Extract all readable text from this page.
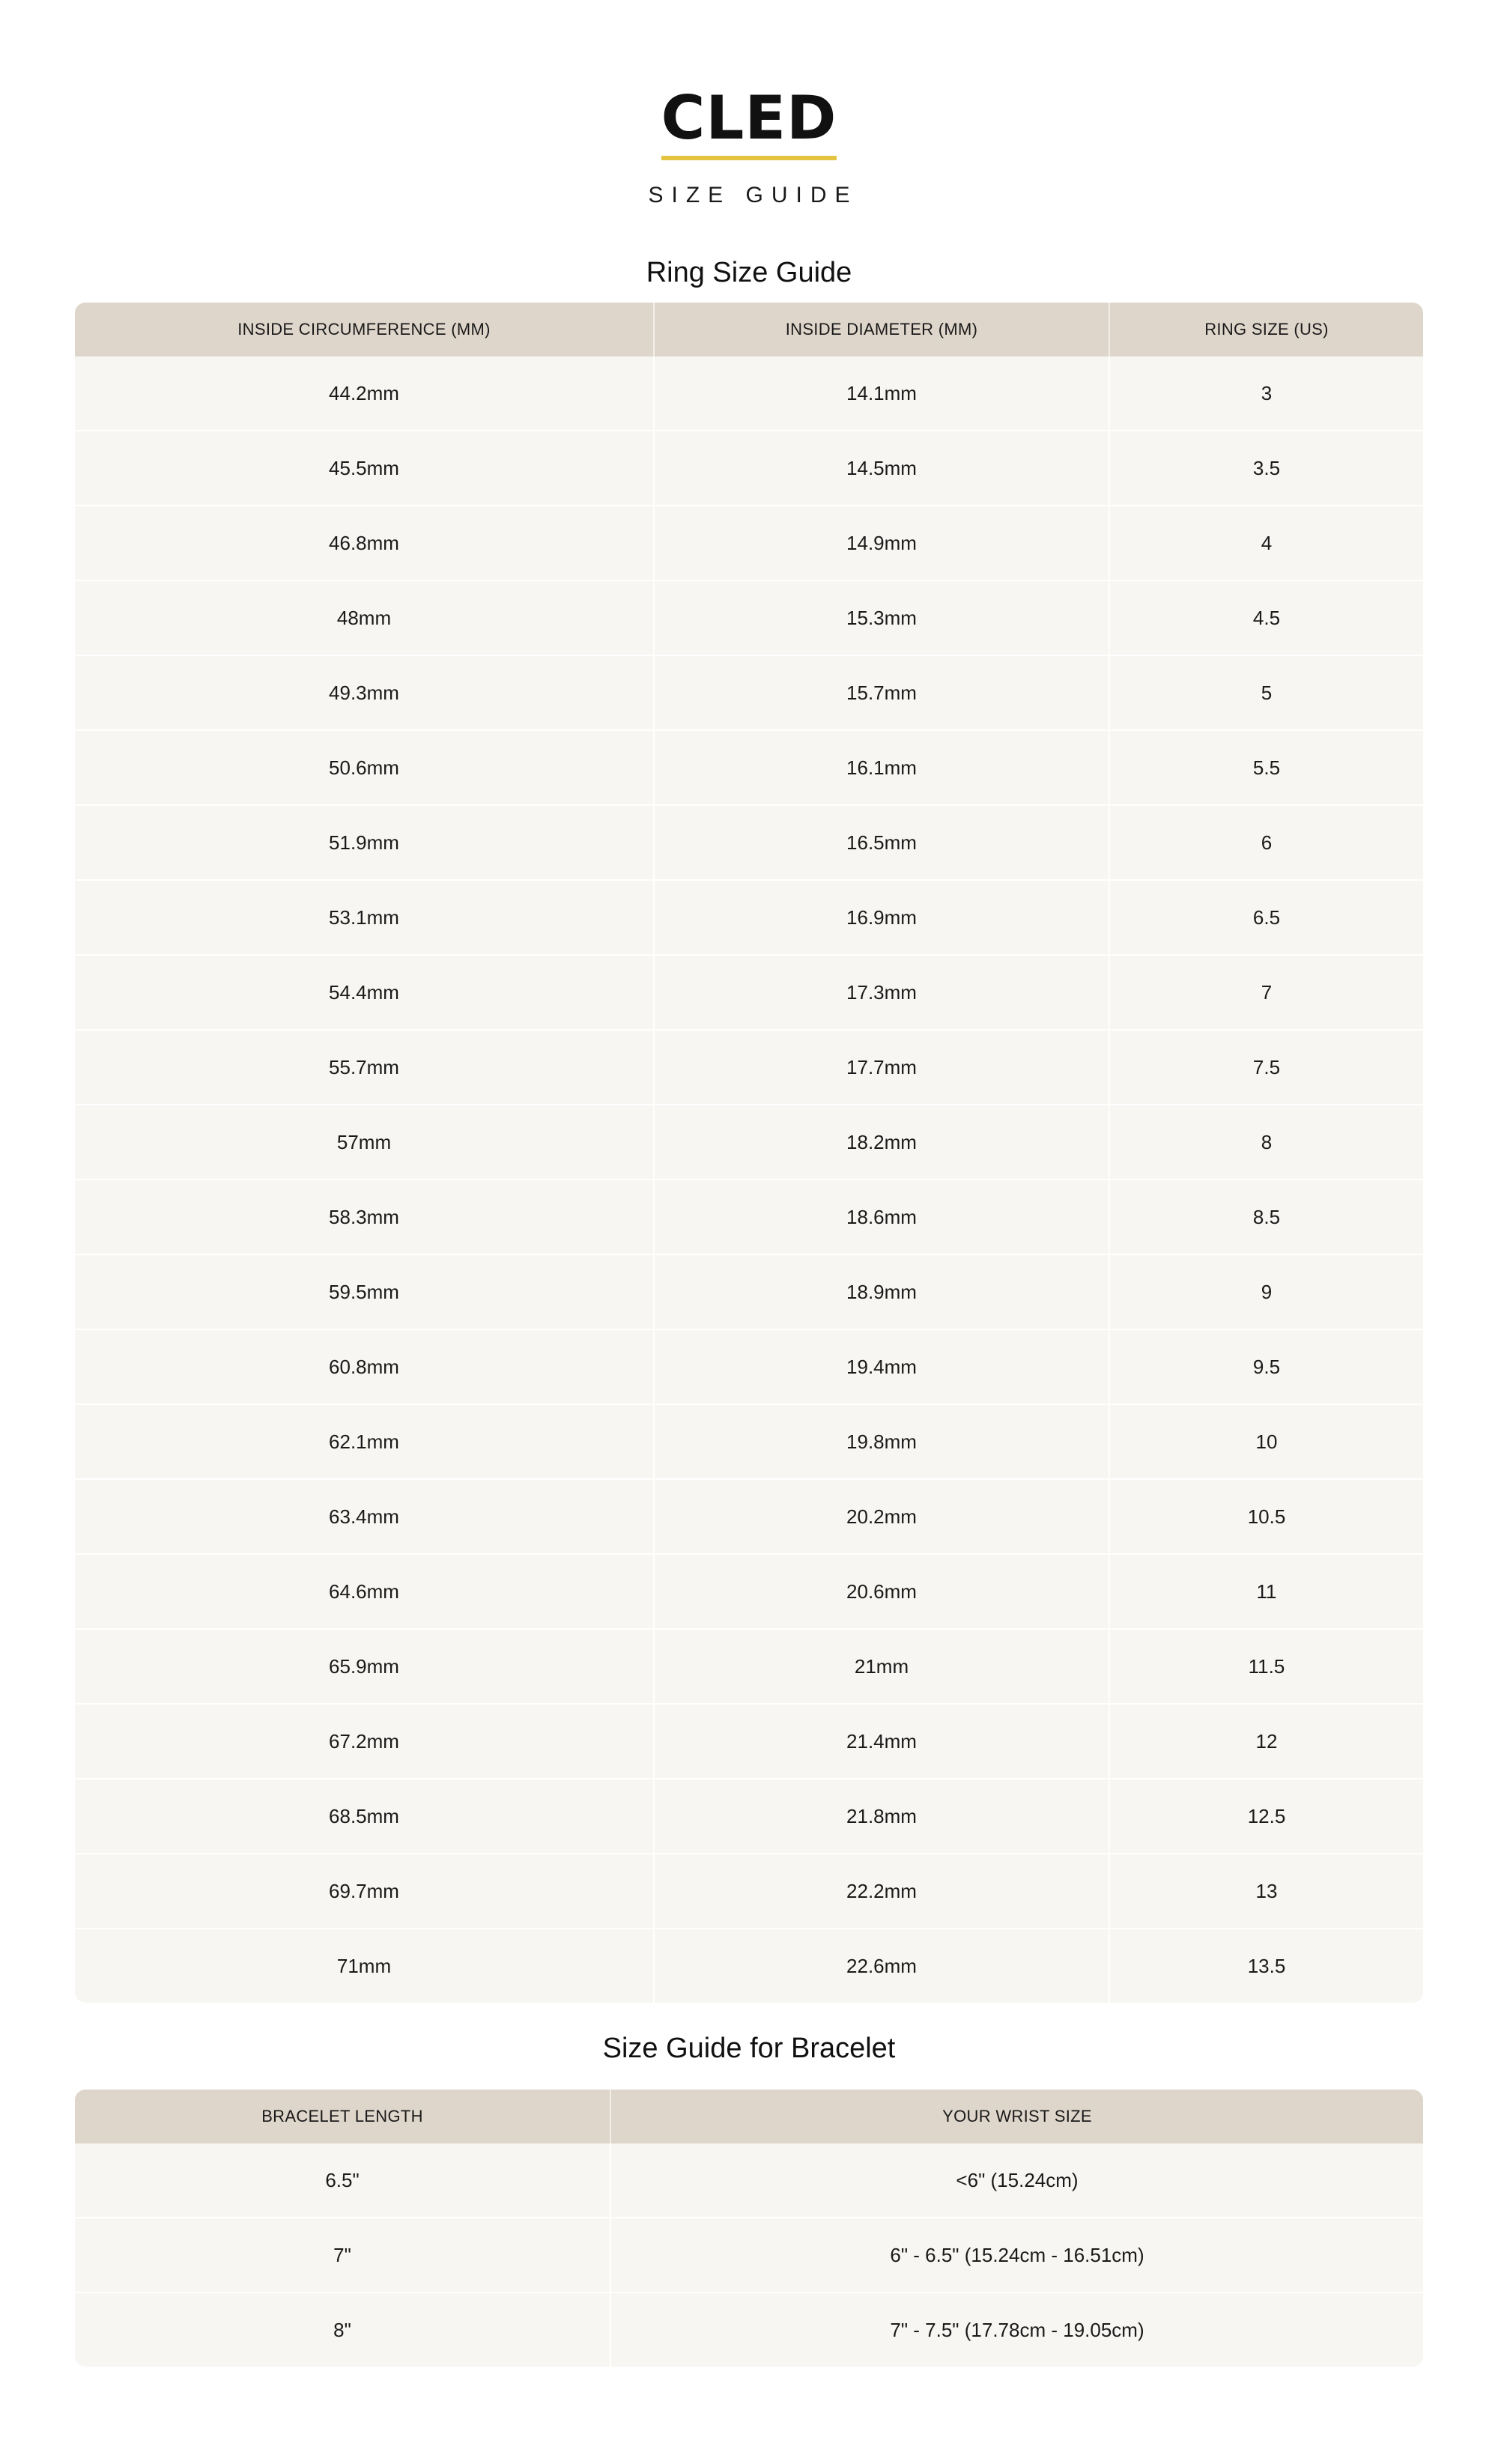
CLED
SIZE GUIDE
Ring Size Guide
INSIDE CIRCUMFERENCE (MM)	INSIDE DIAMETER (MM)	RING SIZE (US)
44.2mm	14.1mm	3
45.5mm	14.5mm	3.5
46.8mm	14.9mm	4
48mm	15.3mm	4.5
49.3mm	15.7mm	5
50.6mm	16.1mm	5.5
51.9mm	16.5mm	6
53.1mm	16.9mm	6.5
54.4mm	17.3mm	7
55.7mm	17.7mm	7.5
57mm	18.2mm	8
58.3mm	18.6mm	8.5
59.5mm	18.9mm	9
60.8mm	19.4mm	9.5
62.1mm	19.8mm	10
63.4mm	20.2mm	10.5
64.6mm	20.6mm	11
65.9mm	21mm	11.5
67.2mm	21.4mm	12
68.5mm	21.8mm	12.5
69.7mm	22.2mm	13
71mm	22.6mm	13.5
Size Guide for Bracelet
BRACELET LENGTH	YOUR WRIST SIZE
6.5"	<6" (15.24cm)
7"	6" - 6.5" (15.24cm - 16.51cm)
8"	7" - 7.5" (17.78cm - 19.05cm)
